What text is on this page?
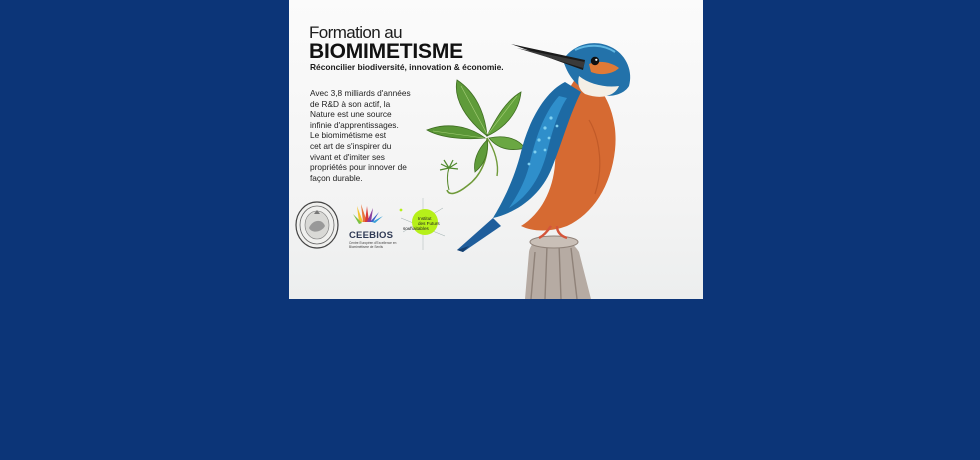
Formation au
BIOMIMETISME
Réconcilier biodiversité, innovation & économie.
Avec 3,8 milliards d'années
de R&D à son actif, la
Nature est une source
infinie d'apprentissages.
Le biomimétisme est
cet art de s'inspirer du
vivant et d'imiter ses
propriétés pour innover de
façon durable.
CEEBIOS
Centre Européen d'Excellence en Biomimétisme de Senlis
Institut
des Futurs
souhaitables
